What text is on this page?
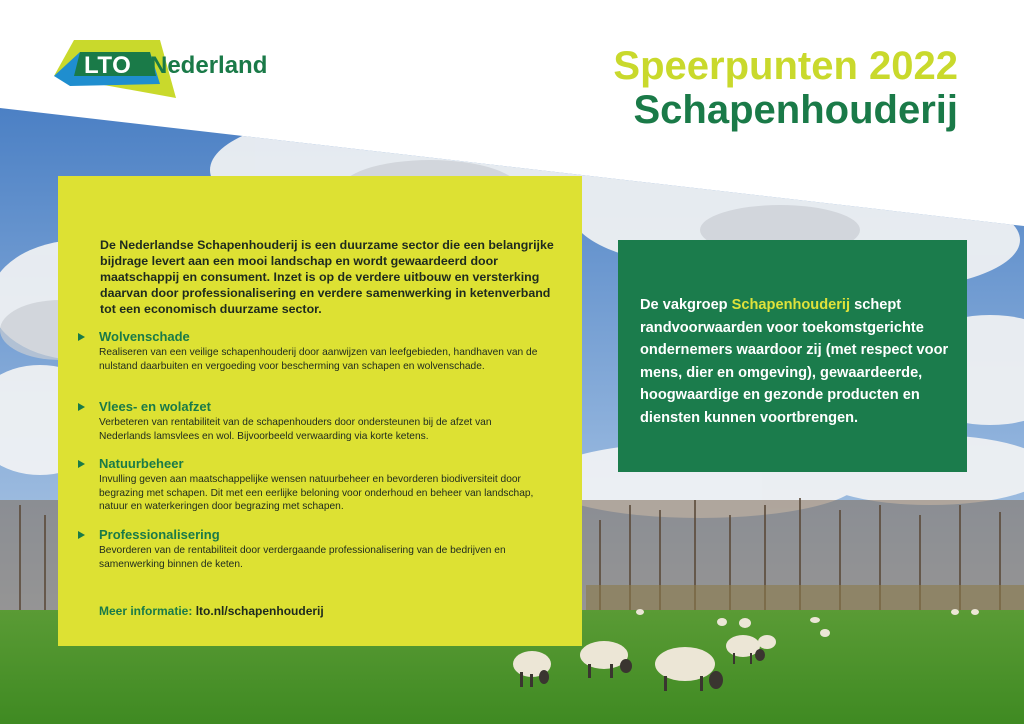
LTO Nederland	Speerpunten 2022
Schapenhouderij
De Nederlandse Schapenhouderij is een duurzame sector die een belangrijke bijdrage levert aan een mooi landschap en wordt gewaardeerd door maatschappij en consument. Inzet is op de verdere uitbouw en versterking daarvan door professionalisering en verdere samenwerking in ketenverband tot een economisch duurzame sector.
Wolvenschade
Realiseren van een veilige schapenhouderij door aanwijzen van leefgebieden, handhaven van de nulstand daarbuiten en vergoeding voor bescherming van schapen en wolvenschade.
Vlees- en wolafzet
Verbeteren van rentabiliteit van de schapenhouders door ondersteunen bij de afzet van Nederlands lamsvlees en wol. Bijvoorbeeld verwaarding via korte ketens.
Natuurbeheer
Invulling geven aan maatschappelijke wensen natuurbeheer en bevorderen biodiversiteit door begrazing met schapen. Dit met een eerlijke beloning voor onderhoud en beheer van landschap, natuur en waterkeringen door begrazing met schapen.
Professionalisering
Bevorderen van de rentabiliteit door verdergaande professionalisering van de bedrijven en samenwerking binnen de keten.
Meer informatie: lto.nl/schapenhouderij
De vakgroep Schapenhouderij schept randvoorwaarden voor toekomstgerichte ondernemers waardoor zij (met respect voor mens, dier en omgeving), gewaardeerde, hoogwaardige en gezonde producten en diensten kunnen voortbrengen.
